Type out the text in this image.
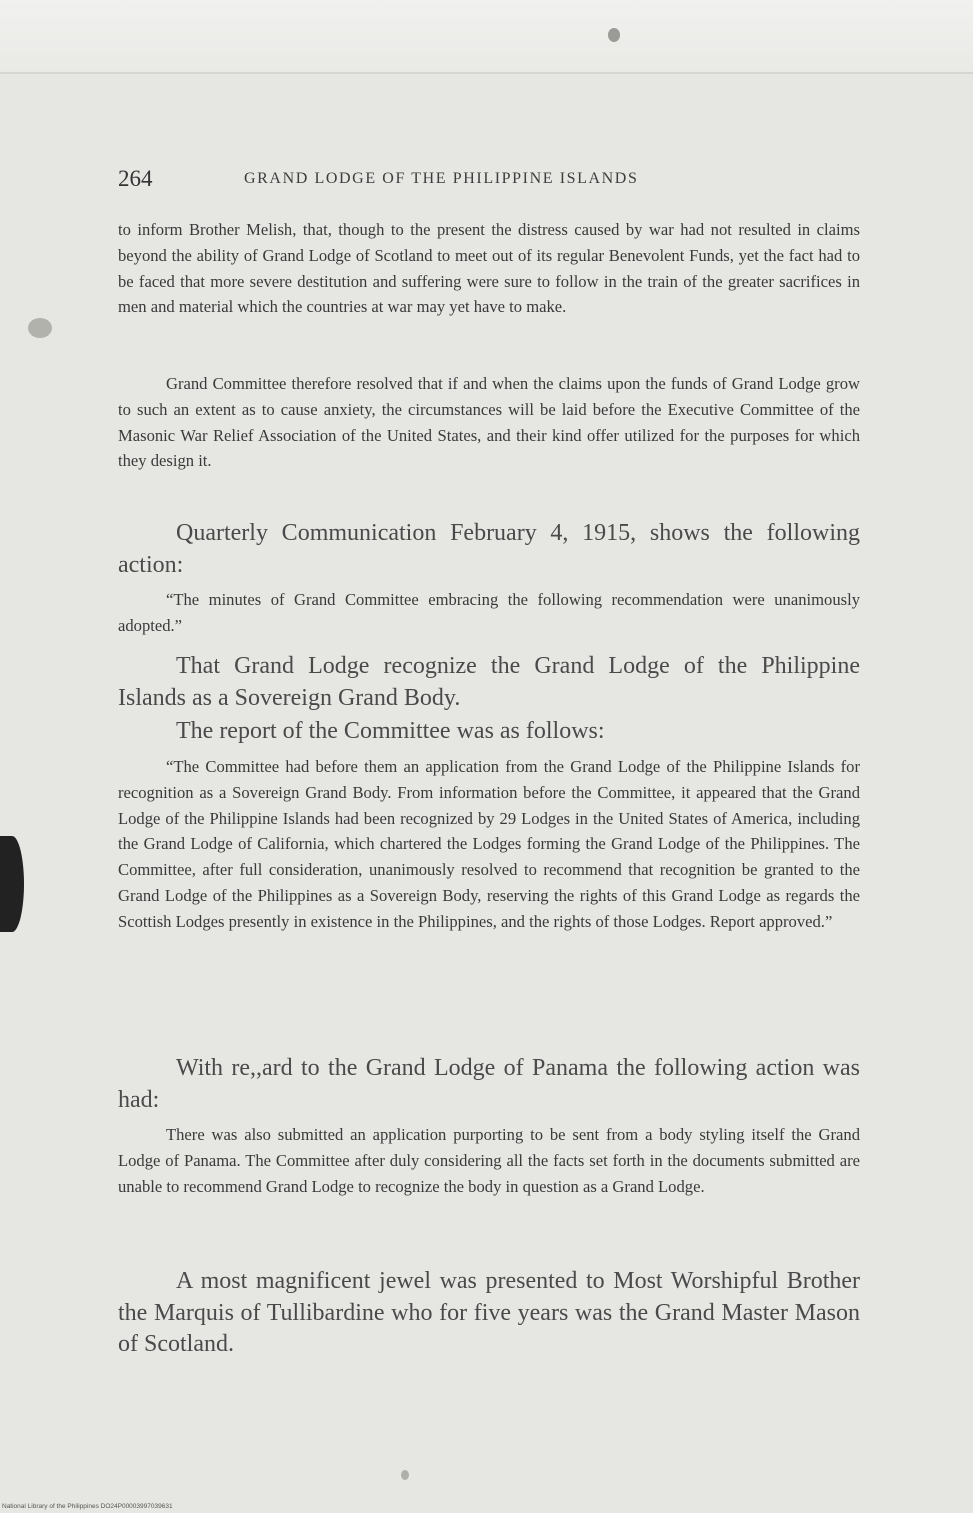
264	GRAND LODGE OF THE PHILIPPINE ISLANDS

to inform Brother Melish, that, though to the present the distress caused by war had not resulted in claims beyond the ability of Grand Lodge of Scotland to meet out of its regular Benevolent Funds, yet the fact had to be faced that more severe destitution and suffering were sure to follow in the train of the greater sacrifices in men and material which the countries at war may yet have to make.

Grand Committee therefore resolved that if and when the claims upon the funds of Grand Lodge grow to such an extent as to cause anxiety, the circumstances will be laid before the Executive Committee of the Masonic War Relief Association of the United States, and their kind offer utilized for the purposes for which they design it.

Quarterly Communication February 4, 1915, shows the following action:

“The minutes of Grand Committee embracing the following recommendation were unanimously adopted.”

That Grand Lodge recognize the Grand Lodge of the Philippine Islands as a Sovereign Grand Body.

The report of the Committee was as follows:

“The Committee had before them an application from the Grand Lodge of the Philippine Islands for recognition as a Sovereign Grand Body. From information before the Committee, it appeared that the Grand Lodge of the Philippine Islands had been recognized by 29 Lodges in the United States of America, including the Grand Lodge of California, which chartered the Lodges forming the Grand Lodge of the Philippines. The Committee, after full consideration, unanimously resolved to recommend that recognition be granted to the Grand Lodge of the Philippines as a Sovereign Body, reserving the rights of this Grand Lodge as regards the Scottish Lodges presently in existence in the Philippines, and the rights of those Lodges. Report approved.”

With re,,ard to the Grand Lodge of Panama the following action was had:

There was also submitted an application purporting to be sent from a body styling itself the Grand Lodge of Panama. The Committee after duly considering all the facts set forth in the documents submitted are unable to recommend Grand Lodge to recognize the body in question as a Grand Lodge.

A most magnificent jewel was presented to Most Worshipful Brother the Marquis of Tullibardine who for five years was the Grand Master Mason of Scotland.

National Library of the Philippines DO24P00003997039631
